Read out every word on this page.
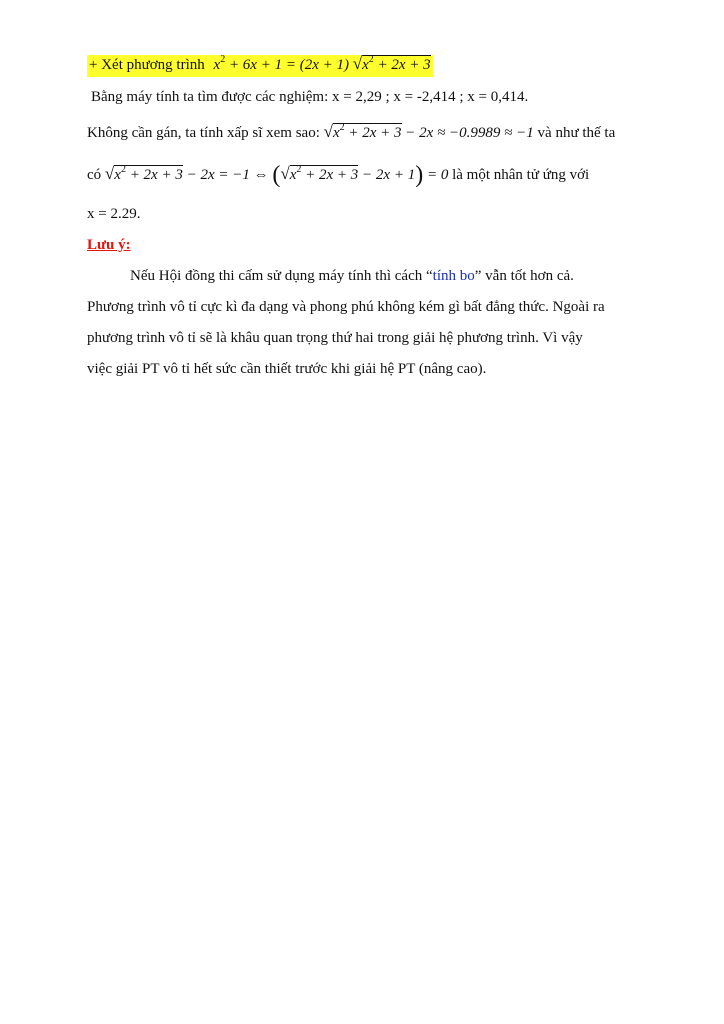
+ Xét phương trình $x^2 + 6x + 1 = (2x + 1) √x^2 + 2x + 3$
Bằng máy tính ta tìm được các nghiệm: x = 2,29 ; x = -2,414 ; x = 0,414.
Không cần gán, ta tính xấp sĩ xem sao: $√x^2 + 2x + 3 - 2x \approx -0.9989 \approx -1$ và như thế ta
có $√x^2 + 2x + 3 - 2x = -1$ ⇔ $(√x^2 + 2x + 3 - 2x + 1) = 0$ là một nhân tử ứng với
x = 2.29.
Lưu ý:
Nếu Hội đồng thi cấm sử dụng máy tính thì cách “tính bo” vẫn tốt hơn cả.
Phương trình vô tỉ cực kì đa dạng và phong phú không kém gì bất đẳng thức. Ngoài ra
phương trình vô tỉ sẽ là khâu quan trọng thứ hai trong giải hệ phương trình. Vì vậy
việc giải PT vô tỉ hết sức cần thiết trước khi giải hệ PT (nâng cao).
